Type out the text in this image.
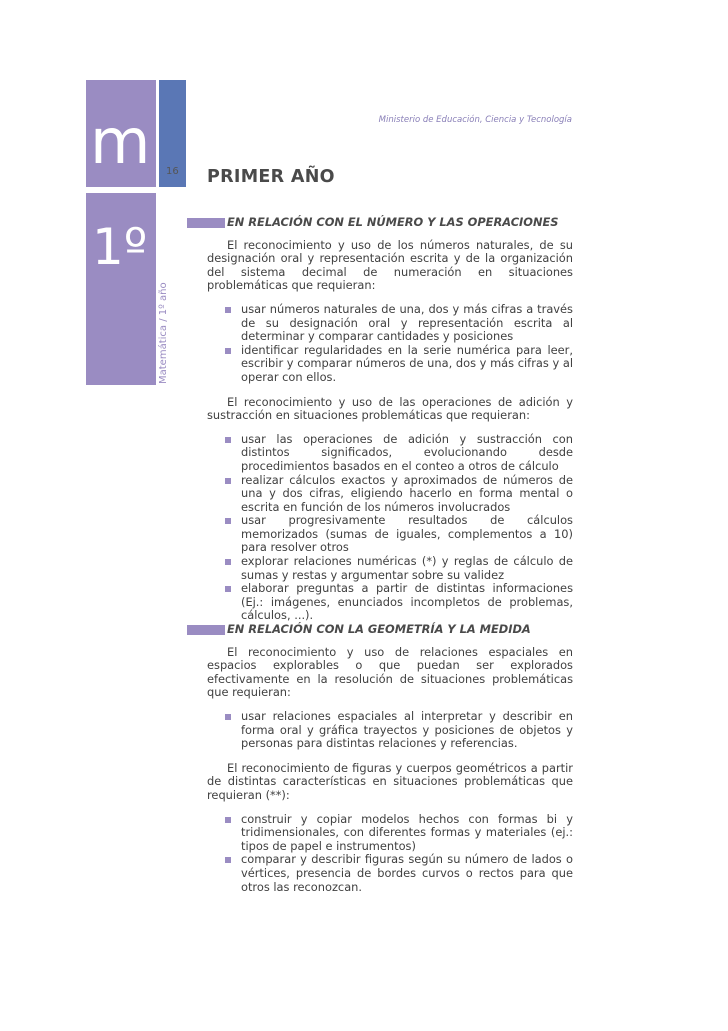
m
1º
16
Matemática / 1º año
Ministerio de Educación, Ciencia y Tecnología
PRIMER AÑO
EN RELACIÓN CON EL NÚMERO Y LAS OPERACIONES

El reconocimiento y uso de los números naturales, de su designación oral y representación escrita y de la organización del sistema decimal de numeración en situaciones problemáticas que requieran:

usar números naturales de una, dos y más cifras a través de su designación oral y representación escrita al determinar y comparar cantidades y posiciones
identificar regularidades en la serie numérica para leer, escribir y comparar números de una, dos y más cifras y al operar con ellos.

El reconocimiento y uso de las operaciones de adición y sustracción en situaciones problemáticas que requieran:

usar las operaciones de adición y sustracción con distintos significados, evolucionando desde procedimientos basados en el conteo a otros de cálculo
realizar cálculos exactos y aproximados de números de una y dos cifras, eligiendo hacerlo en forma mental o escrita en función de los números involucrados
usar progresivamente resultados de cálculos memorizados (sumas de iguales, complementos a 10) para resolver otros
explorar relaciones numéricas (*) y reglas de cálculo de sumas y restas y argumentar sobre su validez
elaborar preguntas a partir de distintas informaciones (Ej.: imágenes, enunciados incompletos de problemas, cálculos, ...).
EN RELACIÓN CON LA GEOMETRÍA Y LA MEDIDA

El reconocimiento y uso de relaciones espaciales en espacios explorables o que puedan ser explorados efectivamente en la resolución de situaciones problemáticas que requieran:

usar relaciones espaciales al interpretar y describir en forma oral y gráfica trayectos y posiciones de objetos y personas para distintas relaciones y referencias.

El reconocimiento de figuras y cuerpos geométricos a partir de distintas características en situaciones problemáticas que requieran (**):

construir y copiar modelos hechos con formas bi y tridimensionales, con diferentes formas y materiales (ej.: tipos de papel e instrumentos)
comparar y describir figuras según su número de lados o vértices, presencia de bordes curvos o rectos para que otros las reconozcan.
